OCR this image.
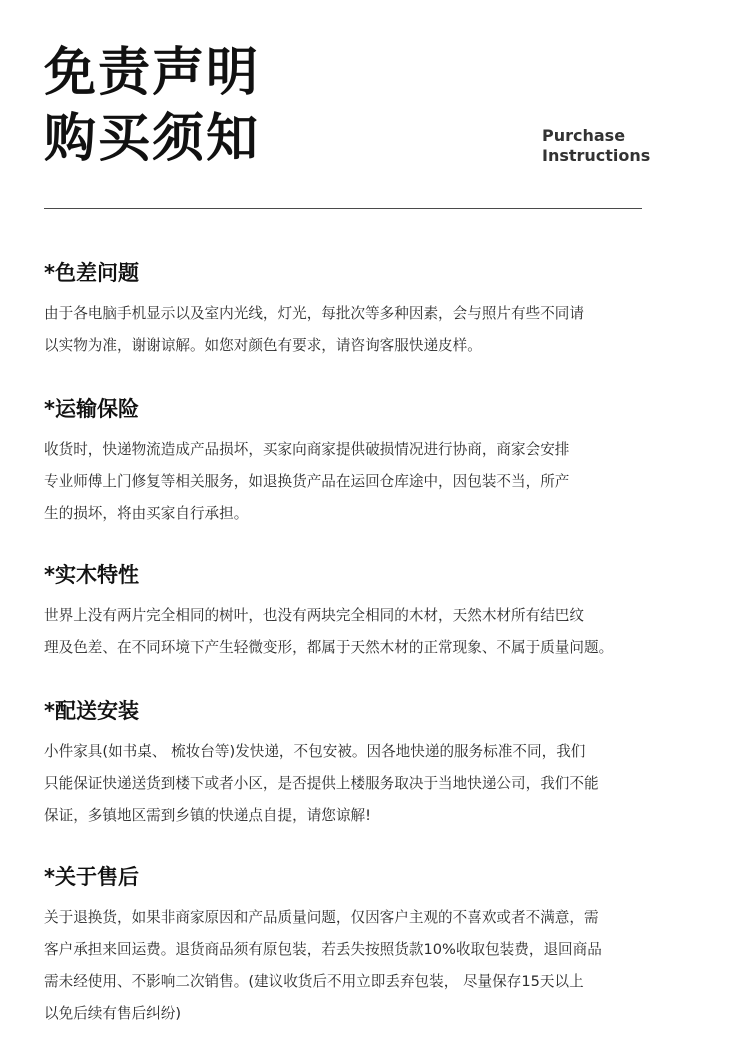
免责声明
购买须知	Purchase
Instructions
*色差问题

由于各电脑手机显示以及室内光线，灯光，每批次等多种因素，会与照片有些不同请
以实物为准，谢谢谅解。如您对颜色有要求，请咨询客服快递皮样。

*运输保险

收货时，快递物流造成产品损坏，买家向商家提供破损情况进行协商，商家会安排
专业师傅上门修复等相关服务，如退换货产品在运回仓库途中，因包装不当，所产
生的损坏，将由买家自行承担。

*实木特性

世界上没有两片完全相同的树叶，也没有两块完全相同的木材，天然木材所有结巴纹
理及色差、在不同环境下产生轻微变形，都属于天然木材的正常现象、不属于质量问题。

*配送安装

小件家具(如书桌、 梳妆台等)发快递，不包安被。因各地快递的服务标准不同，我们
只能保证快递送货到楼下或者小区，是否提供上楼服务取决于当地快递公司，我们不能
保证，多镇地区需到乡镇的快递点自提，请您谅解!

*关于售后

关于退换货，如果非商家原因和产品质量问题，仅因客户主观的不喜欢或者不满意，需
客户承担来回运费。退货商品须有原包装，若丢失按照货款10%收取包装费，退回商品
需未经使用、不影响二次销售。(建议收货后不用立即丢弃包装， 尽量保存15天以上
以免后续有售后纠纷)
